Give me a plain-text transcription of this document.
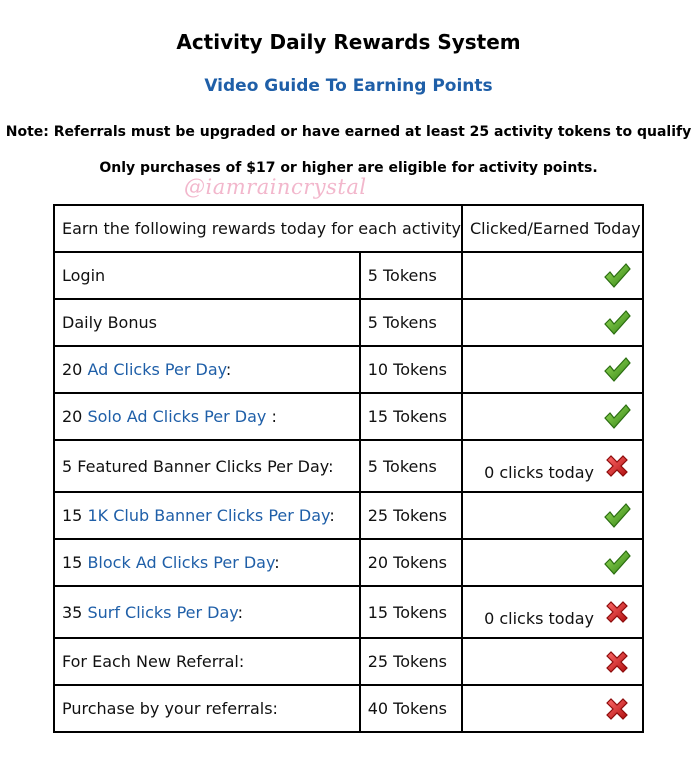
Activity Daily Rewards System
Video Guide To Earning Points
Note: Referrals must be upgraded or have earned at least 25 activity tokens to qualify
Only purchases of $17 or higher are eligible for activity points.
@iamraincrystal
Earn the following rewards today for each activity		Clicked/Earned Today
Login	5 Tokens	

Daily Bonus	5 Tokens	

20 Ad Clicks Per Day:	10 Tokens	

20 Solo Ad Clicks Per Day :	15 Tokens	

5 Featured Banner Clicks Per Day:	5 Tokens	0 clicks today

15 1K Club Banner Clicks Per Day:	25 Tokens	

15 Block Ad Clicks Per Day:	20 Tokens	

35 Surf Clicks Per Day:	15 Tokens	0 clicks today

For Each New Referral:	25 Tokens	

Purchase by your referrals:	40 Tokens	
